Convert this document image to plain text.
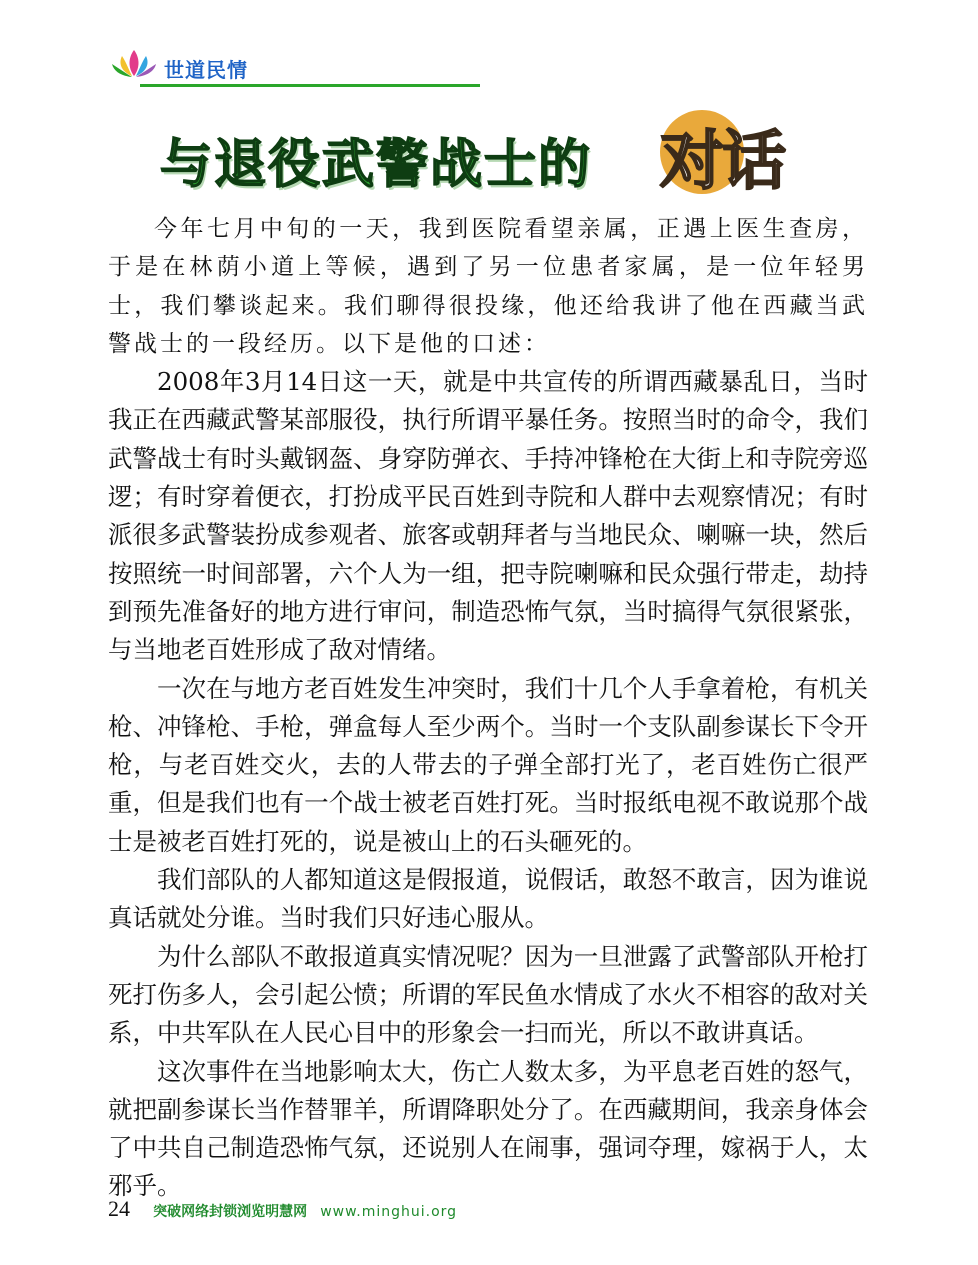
世道民情
与退役武警战士的 对话

今年七月中旬的一天，我到医院看望亲属，正遇上医生查房，于是在林荫小道上等候，遇到了另一位患者家属，是一位年轻男士，我们攀谈起来。我们聊得很投缘，他还给我讲了他在西藏当武警战士的一段经历。以下是他的口述：

2008年3月14日这一天，就是中共宣传的所谓西藏暴乱日，当时我正在西藏武警某部服役，执行所谓平暴任务。按照当时的命令，我们武警战士有时头戴钢盔、身穿防弹衣、手持冲锋枪在大街上和寺院旁巡逻；有时穿着便衣，打扮成平民百姓到寺院和人群中去观察情况；有时派很多武警装扮成参观者、旅客或朝拜者与当地民众、喇嘛一块，然后按照统一时间部署，六个人为一组，把寺院喇嘛和民众强行带走，劫持到预先准备好的地方进行审问，制造恐怖气氛，当时搞得气氛很紧张，与当地老百姓形成了敌对情绪。

一次在与地方老百姓发生冲突时，我们十几个人手拿着枪，有机关枪、冲锋枪、手枪，弹盒每人至少两个。当时一个支队副参谋长下令开枪，与老百姓交火，去的人带去的子弹全部打光了，老百姓伤亡很严重，但是我们也有一个战士被老百姓打死。当时报纸电视不敢说那个战士是被老百姓打死的，说是被山上的石头砸死的。

我们部队的人都知道这是假报道，说假话，敢怒不敢言，因为谁说真话就处分谁。当时我们只好违心服从。

为什么部队不敢报道真实情况呢？因为一旦泄露了武警部队开枪打死打伤多人，会引起公愤；所谓的军民鱼水情成了水火不相容的敌对关系，中共军队在人民心目中的形象会一扫而光，所以不敢讲真话。

这次事件在当地影响太大，伤亡人数太多，为平息老百姓的怒气，就把副参谋长当作替罪羊，所谓降职处分了。在西藏期间，我亲身体会了中共自己制造恐怖气氛，还说别人在闹事，强词夺理，嫁祸于人，太邪乎。

24 突破网络封锁浏览明慧网 www.minghui.org
